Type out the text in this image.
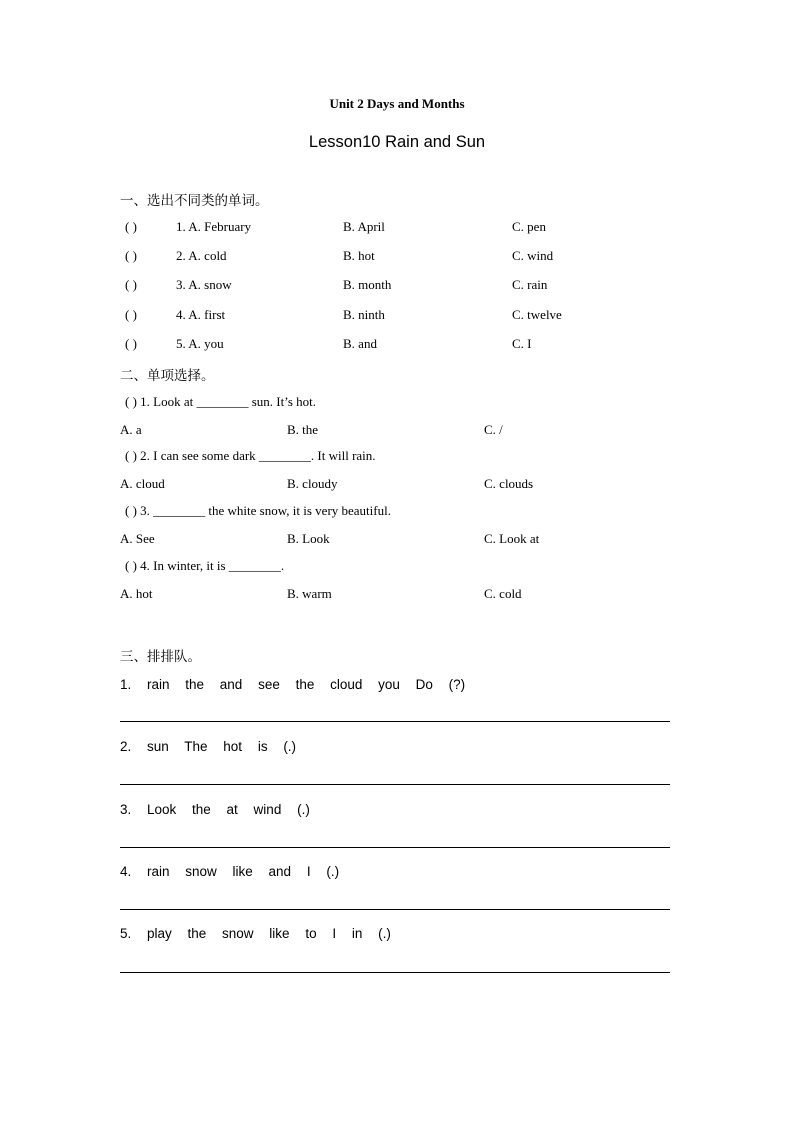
Unit 2 Days and Months
Lesson10 Rain and Sun
一、选出不同类的单词。
( )	1. A. February	B. April	C. pen
( )	2. A. cold	B. hot	C. wind
( )	3. A. snow	B. month	C. rain
( )	4. A. first	B. ninth	C. twelve
( )	5. A. you	B. and	C. I
二、单项选择。
( ) 1. Look at ________ sun. It’s hot.
A. a	B. the	C. /
( ) 2. I can see some dark ________. It will rain.
A. cloud	B. cloudy	C. clouds
( ) 3. ________ the white snow, it is very beautiful.
A. See	B. Look	C. Look at
( ) 4. In winter, it is ________.
A. hot	B. warm	C. cold
三、排排队。
1. rain the and see the cloud you Do (?)
2. sun The hot is (.)
3. Look the at wind (.)
4. rain snow like and I (.)
5. play the snow like to I in (.)
